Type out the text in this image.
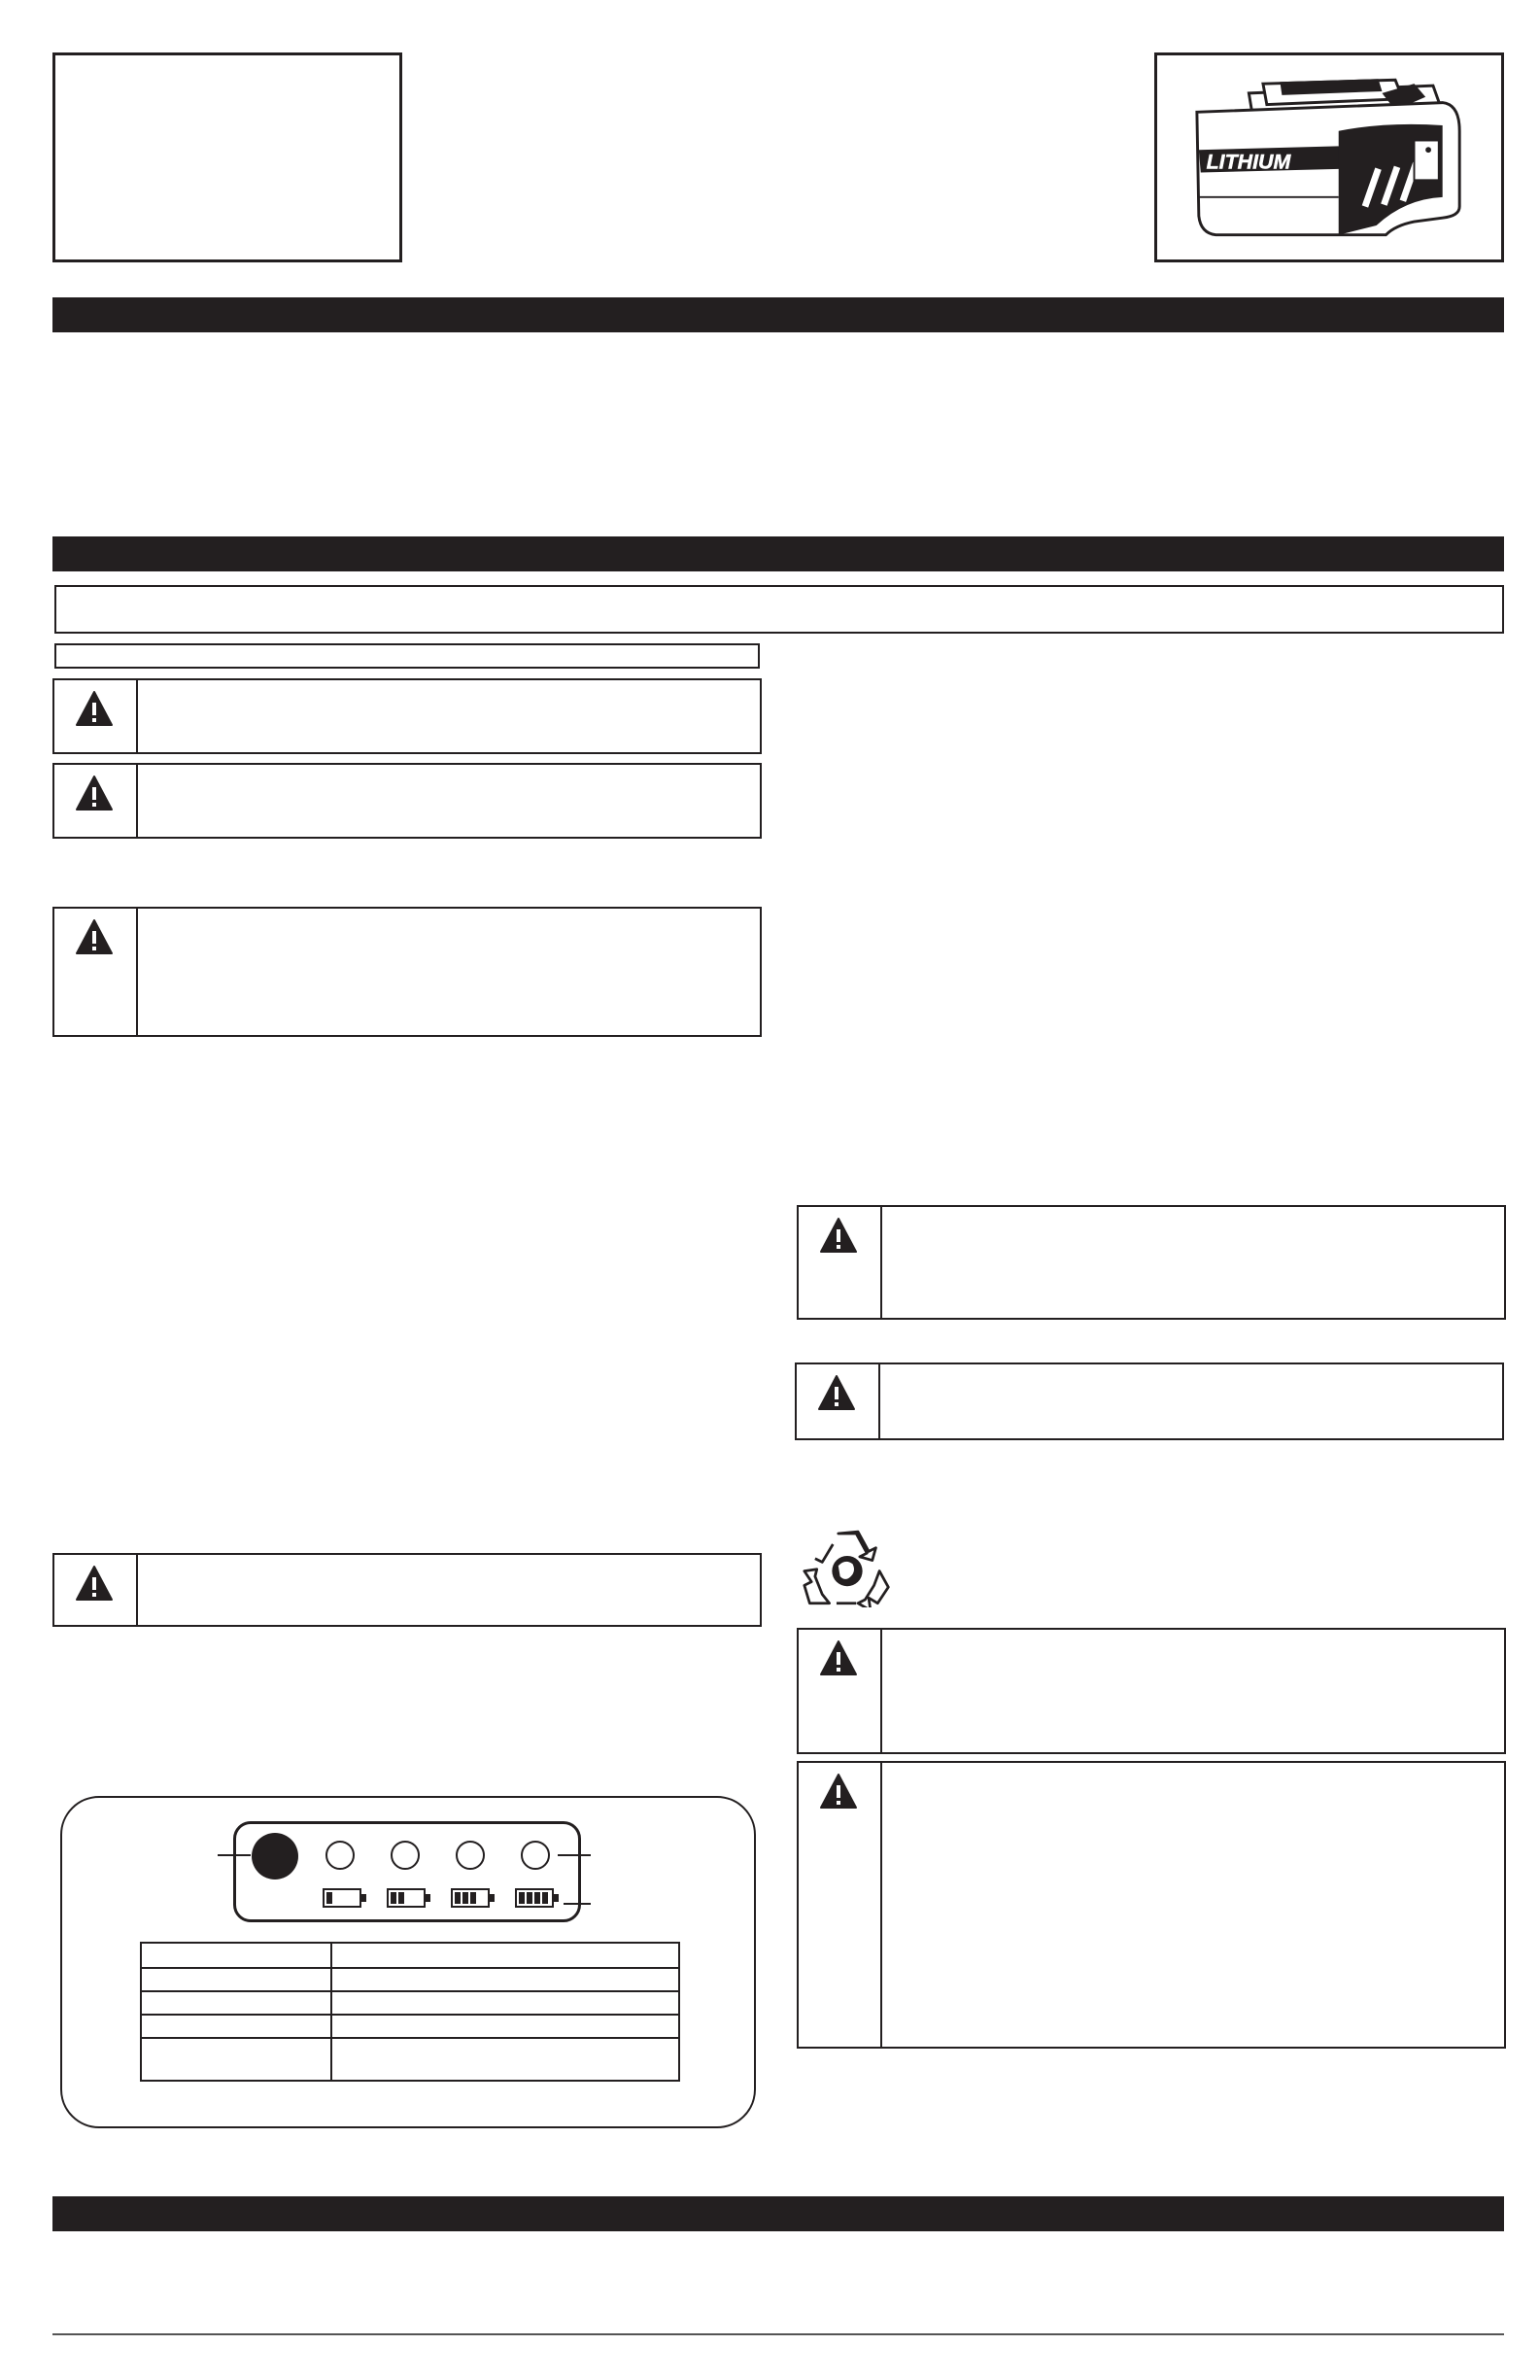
LITHIUM
